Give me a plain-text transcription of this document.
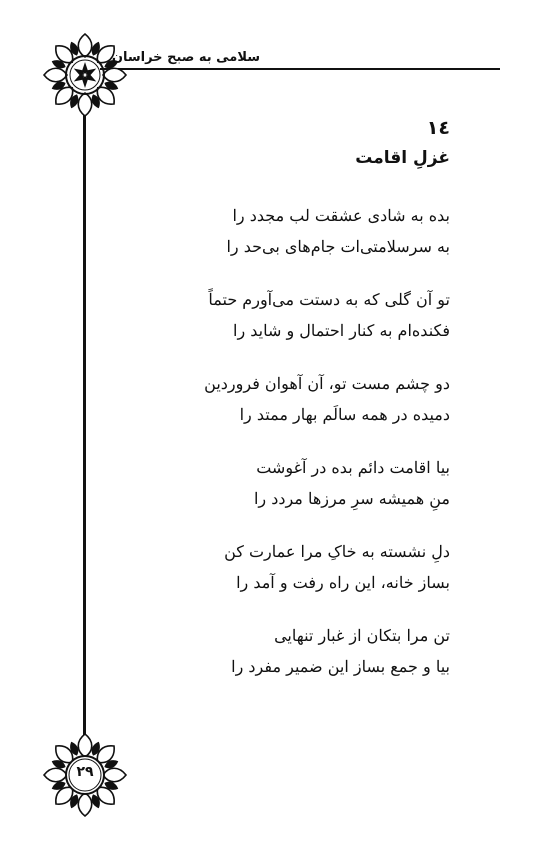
سلامی به صبح خراسان
١٤
غزلِ اقامت
بده به شادی عشقت لب مجدد را
به سرسلامتی‌ات جام‌های بی‌حد را
تو آن گلی که به دستت می‌آورم حتماً
فکنده‌ام به کنار احتمال و شاید را
دو چشم مست تو، آن آهوان فروردین
دمیده در همه سالَم بهار ممتد را
بیا اقامت دائم بده در آغوشت
منِ همیشه سرِ مرزها مردد را
دلِ نشسته به خاکِ مرا عمارت کن
بساز خانه، این راه رفت و آمد را
تن مرا بتکان از غبار تنهایی
بیا و جمع بساز این ضمیر مفرد را
۲۹
